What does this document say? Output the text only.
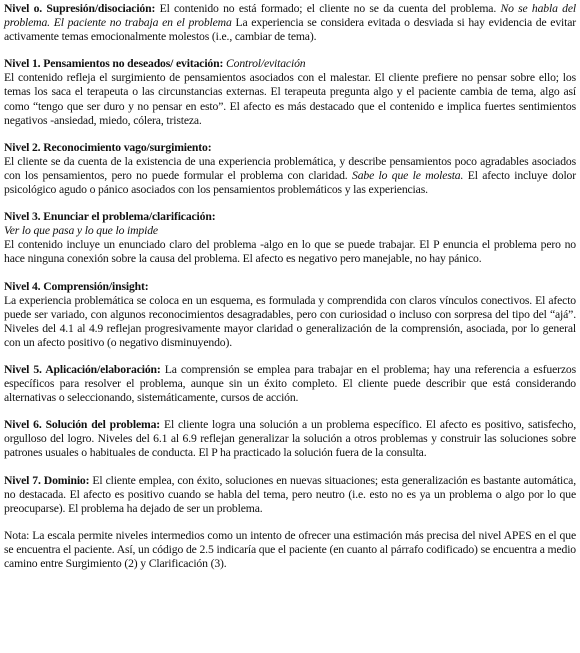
Nivel o. Supresión/disociación: El contenido no está formado; el cliente no se da cuenta del problema. No se habla del problema. El paciente no trabaja en el problema La experiencia se considera evitada o desviada si hay evidencia de evitar activamente temas emocionalmente molestos (i.e., cambiar de tema).

Nivel 1. Pensamientos no deseados/ evitación: Control/evitación

El contenido refleja el surgimiento de pensamientos asociados con el malestar. El cliente prefiere no pensar sobre ello; los temas los saca el terapeuta o las circunstancias externas. El terapeuta pregunta algo y el paciente cambia de tema, algo así como “tengo que ser duro y no pensar en esto”. El afecto es más destacado que el contenido e implica fuertes sentimientos negativos -ansiedad, miedo, cólera, tristeza.

Nivel 2. Reconocimiento vago/surgimiento:

El cliente se da cuenta de la existencia de una experiencia problemática, y describe pensamientos poco agradables asociados con los pensamientos, pero no puede formular el problema con claridad. Sabe lo que le molesta. El afecto incluye dolor psicológico agudo o pánico asociados con los pensamientos problemáticos y las experiencias.

Nivel 3. Enunciar el problema/clarificación:

Ver lo que pasa y lo que lo impide

El contenido incluye un enunciado claro del problema -algo en lo que se puede trabajar. El P enuncia el problema pero no hace ninguna conexión sobre la causa del problema. El afecto es negativo pero manejable, no hay pánico.

Nivel 4. Comprensión/insight:

La experiencia problemática se coloca en un esquema, es formulada y comprendida con claros vínculos conectivos. El afecto puede ser variado, con algunos reconocimientos desagradables, pero con curiosidad o incluso con sorpresa del tipo del “ajá”. Niveles del 4.1 al 4.9 reflejan progresivamente mayor claridad o generalización de la comprensión, asociada, por lo general con un afecto positivo (o negativo disminuyendo).

Nivel 5. Aplicación/elaboración: La comprensión se emplea para trabajar en el problema; hay una referencia a esfuerzos específicos para resolver el problema, aunque sin un éxito completo. El cliente puede describir que está considerando alternativas o seleccionando, sistemáticamente, cursos de acción.

Nivel 6. Solución del problema: El cliente logra una solución a un problema específico. El afecto es positivo, satisfecho, orgulloso del logro. Niveles del 6.1 al 6.9 reflejan generalizar la solución a otros problemas y construir las soluciones sobre patrones usuales o habituales de conducta. El P ha practicado la solución fuera de la consulta.

Nivel 7. Dominio: El cliente emplea, con éxito, soluciones en nuevas situaciones; esta generalización es bastante automática, no destacada. El afecto es positivo cuando se habla del tema, pero neutro (i.e. esto no es ya un problema o algo por lo que preocuparse). El problema ha dejado de ser un problema.

Nota: La escala permite niveles intermedios como un intento de ofrecer una estimación más precisa del nivel APES en el que se encuentra el paciente. Así, un código de 2.5 indicaría que el paciente (en cuanto al párrafo codificado) se encuentra a medio camino entre Surgimiento (2) y Clarificación (3).
